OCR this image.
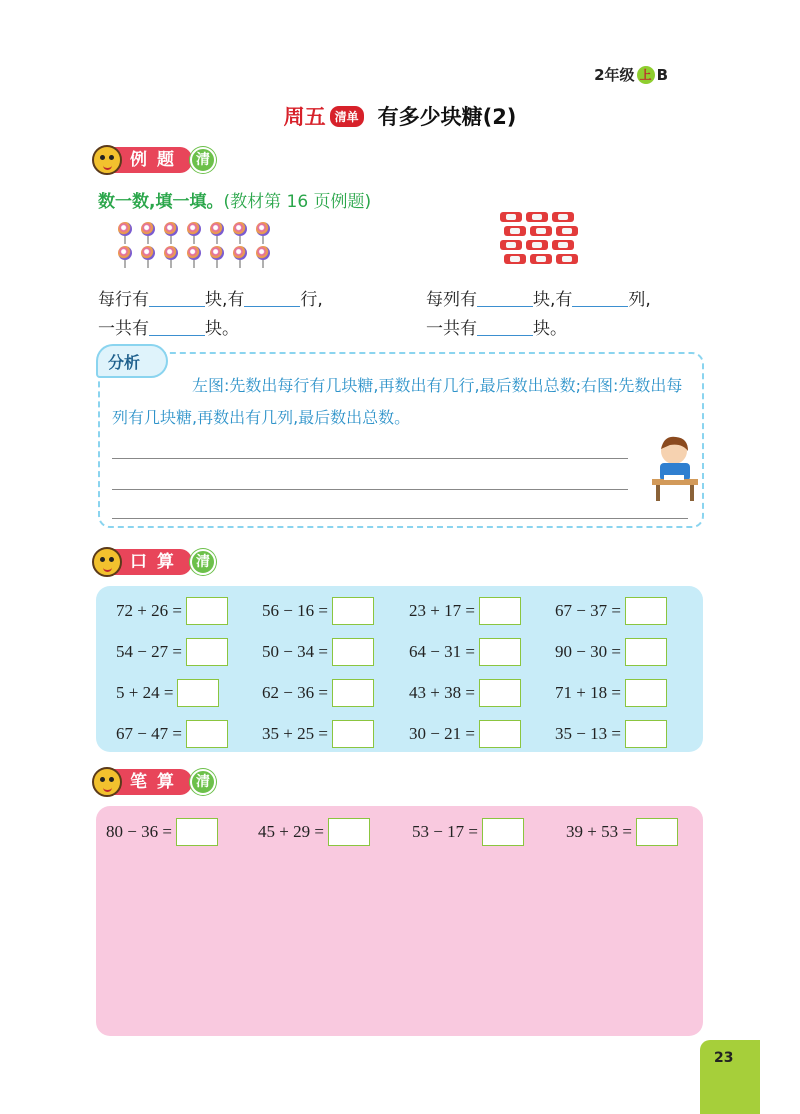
2年级 上 B
周五 清单 有多少块糖(2)
例题 清
数一数,填一填。(教材第 16 页例题)
每行有	块,有	行,
一共有	块。
每列有	块,有	列,
一共有	块。
分析
左图:先数出每行有几块糖,再数出有几行,最后数出总数;右图:先数出每列有几块糖,再数出有几列,最后数出总数。
口算 清
72 + 26 =	56 − 16 =	23 + 17 =	67 − 37 =
54 − 27 =	50 − 34 =	64 − 31 =	90 − 30 =
5 + 24 =	62 − 36 =	43 + 38 =	71 + 18 =
67 − 47 =	35 + 25 =	30 − 21 =	35 − 13 =
笔算 清
80 − 36 =	45 + 29 =	53 − 17 =	39 + 53 =
23
